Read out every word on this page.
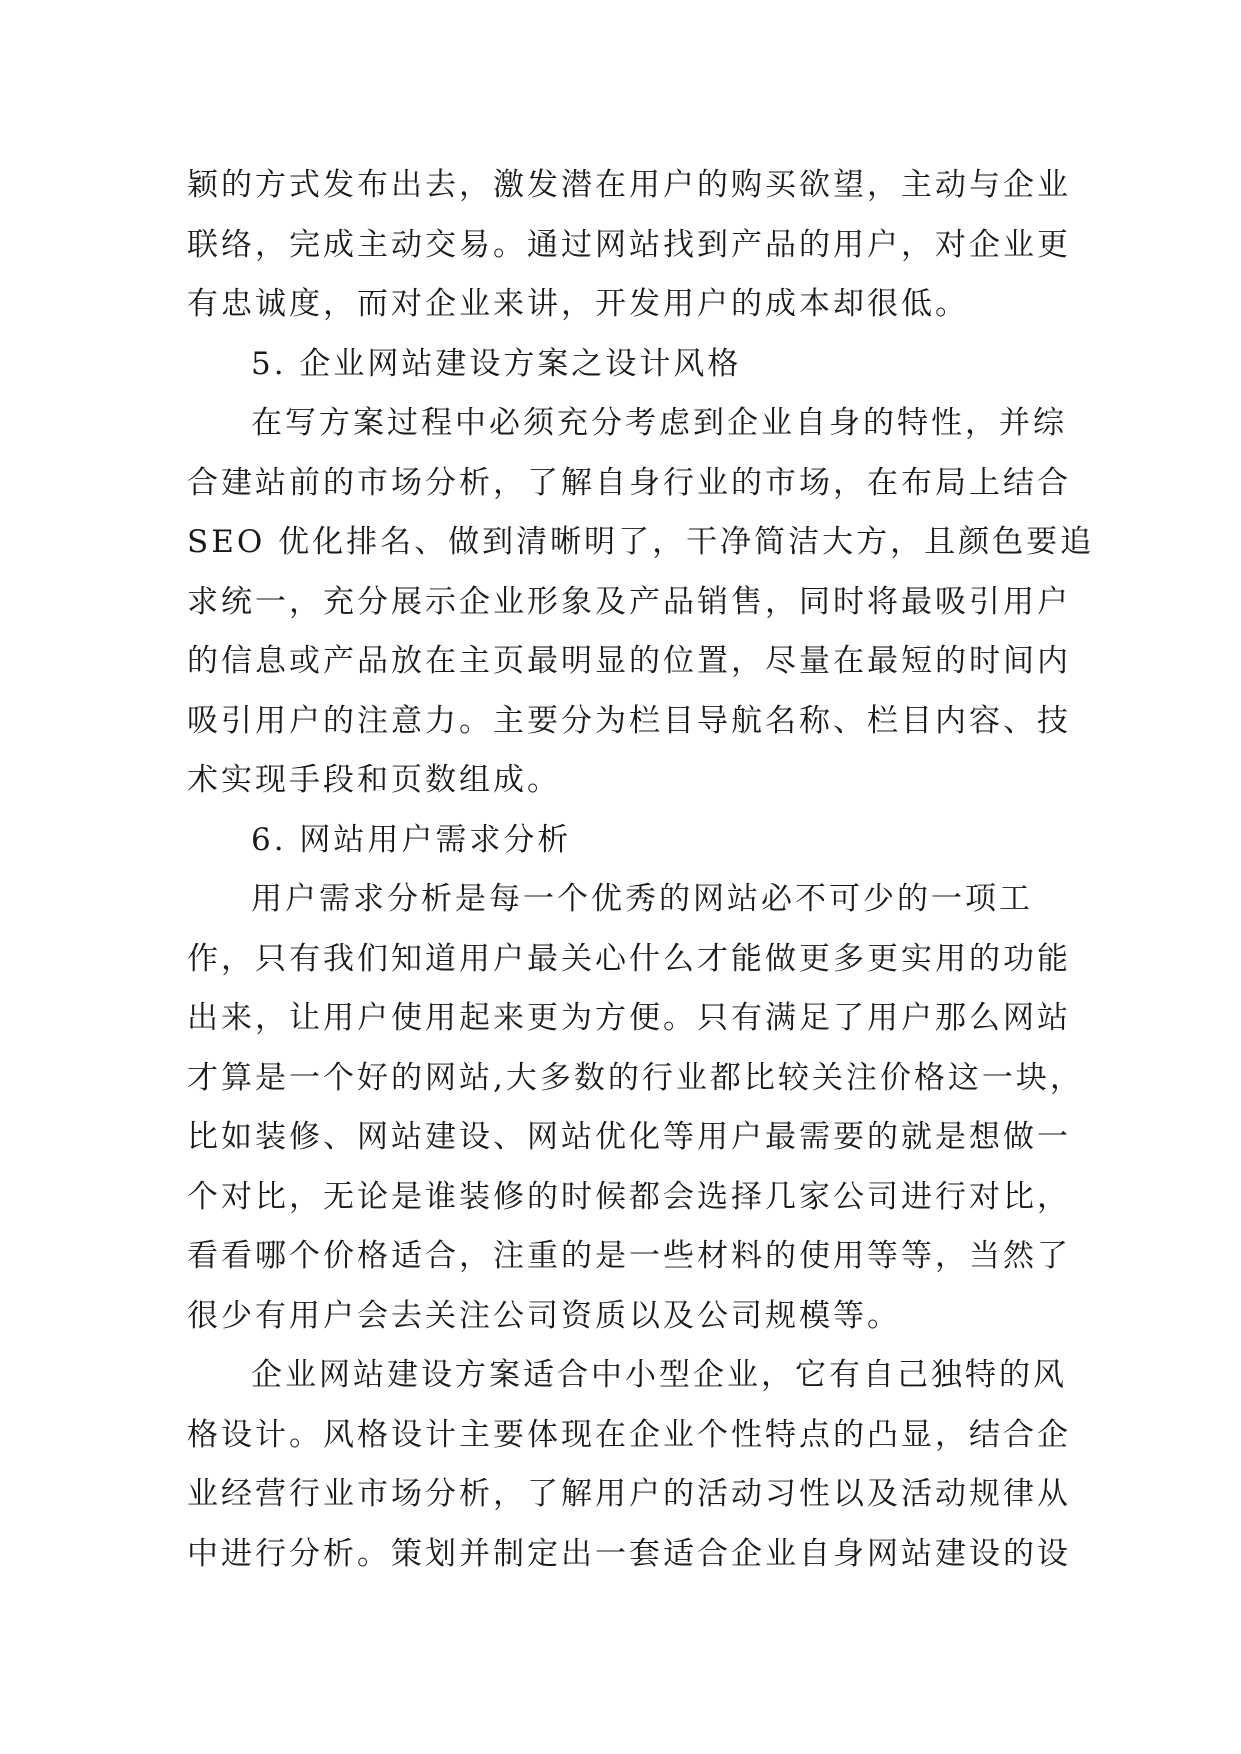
颖的方式发布出去，激发潜在用户的购买欲望，主动与企业
联络，完成主动交易。通过网站找到产品的用户，对企业更
有忠诚度，而对企业来讲，开发用户的成本却很低。
5. 企业网站建设方案之设计风格
在写方案过程中必须充分考虑到企业自身的特性，并综
合建站前的市场分析，了解自身行业的市场，在布局上结合
SEO 优化排名、做到清晰明了，干净简洁大方，且颜色要追
求统一，充分展示企业形象及产品销售，同时将最吸引用户
的信息或产品放在主页最明显的位置，尽量在最短的时间内
吸引用户的注意力。主要分为栏目导航名称、栏目内容、技
术实现手段和页数组成。
6. 网站用户需求分析
用户需求分析是每一个优秀的网站必不可少的一项工
作，只有我们知道用户最关心什么才能做更多更实用的功能
出来，让用户使用起来更为方便。只有满足了用户那么网站
才算是一个好的网站,大多数的行业都比较关注价格这一块，
比如装修、网站建设、网站优化等用户最需要的就是想做一
个对比，无论是谁装修的时候都会选择几家公司进行对比，
看看哪个价格适合，注重的是一些材料的使用等等，当然了
很少有用户会去关注公司资质以及公司规模等。
企业网站建设方案适合中小型企业，它有自己独特的风
格设计。风格设计主要体现在企业个性特点的凸显，结合企
业经营行业市场分析，了解用户的活动习性以及活动规律从
中进行分析。策划并制定出一套适合企业自身网站建设的设
